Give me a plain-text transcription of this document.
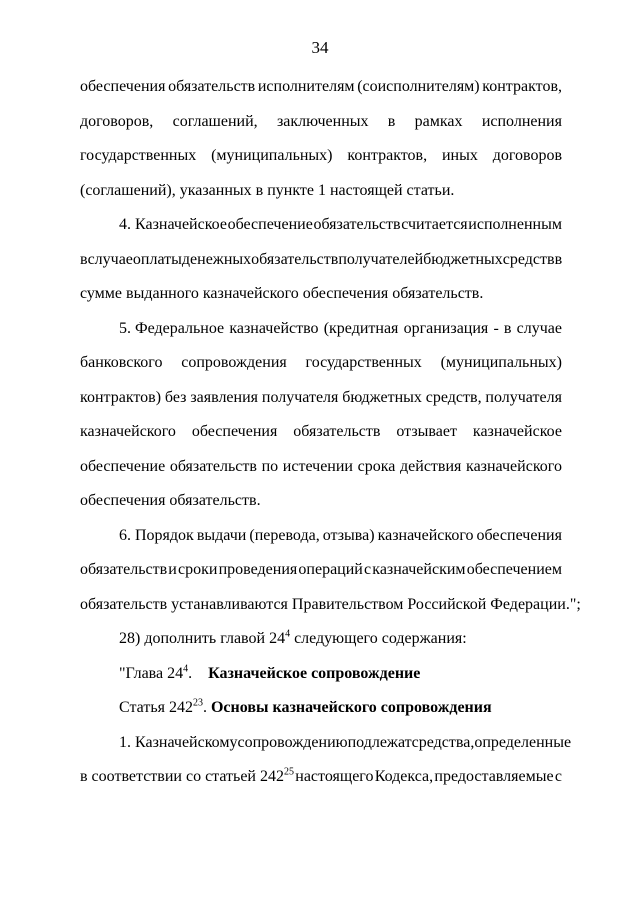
34
обеспечения обязательств исполнителям (соисполнителям) контрактов,
договоров, соглашений, заключенных в рамках исполнения
государственных (муниципальных) контрактов, иных договоров
(соглашений), указанных в пункте 1 настоящей статьи.
4. Казначейское обеспечение обязательств считается исполненным
в случае оплаты денежных обязательств получателей бюджетных средств в
сумме выданного казначейского обеспечения обязательств.
5. Федеральное казначейство (кредитная организация - в случае
банковского сопровождения государственных (муниципальных)
контрактов) без заявления получателя бюджетных средств, получателя
казначейского обеспечения обязательств отзывает казначейское
обеспечение обязательств по истечении срока действия казначейского
обеспечения обязательств.
6. Порядок выдачи (перевода, отзыва) казначейского обеспечения
обязательств и сроки проведения операций с казначейским обеспечением
обязательств устанавливаются Правительством Российской Федерации.";
28) дополнить главой $24^4$ следующего содержания:
"Глава $24^4$. Казначейское сопровождение
Статья $242^{23}$. Основы казначейского сопровождения
1. Казначейскому сопровождению подлежат средства, определенные
в соответствии со статьей $242^{25}$ настоящего Кодекса, предоставляемые с
